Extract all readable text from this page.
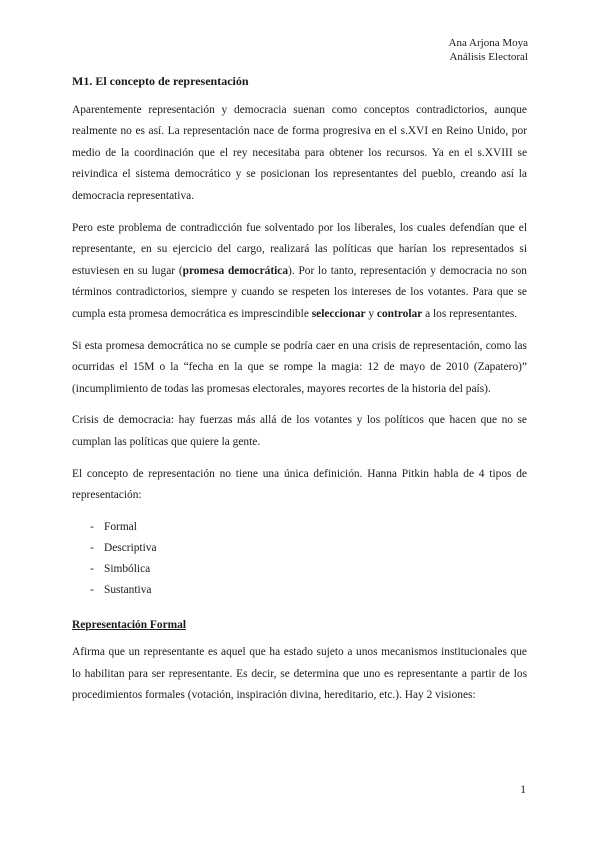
Ana Arjona Moya
Análisis Electoral
M1. El concepto de representación

Aparentemente representación y democracia suenan como conceptos contradictorios, aunque realmente no es así. La representación nace de forma progresiva en el s.XVI en Reino Unido, por medio de la coordinación que el rey necesitaba para obtener los recursos. Ya en el s.XVIII se reivindica el sistema democrático y se posicionan los representantes del pueblo, creando así la democracia representativa.

Pero este problema de contradicción fue solventado por los liberales, los cuales defendían que el representante, en su ejercicio del cargo, realizará las políticas que harían los representados si estuviesen en su lugar (promesa democrática). Por lo tanto, representación y democracia no son términos contradictorios, siempre y cuando se respeten los intereses de los votantes. Para que se cumpla esta promesa democrática es imprescindible seleccionar y controlar a los representantes.

Si esta promesa democrática no se cumple se podría caer en una crisis de representación, como las ocurridas el 15M o la “fecha en la que se rompe la magia: 12 de mayo de 2010 (Zapatero)” (incumplimiento de todas las promesas electorales, mayores recortes de la historia del país).

Crisis de democracia: hay fuerzas más allá de los votantes y los políticos que hacen que no se cumplan las políticas que quiere la gente.

El concepto de representación no tiene una única definición. Hanna Pitkin habla de 4 tipos de representación:

- Formal
- Descriptiva
- Simbólica
- Sustantiva
Representación Formal

Afirma que un representante es aquel que ha estado sujeto a unos mecanismos institucionales que lo habilitan para ser representante. Es decir, se determina que uno es representante a partir de los procedimientos formales (votación, inspiración divina, hereditario, etc.). Hay 2 visiones:

1
